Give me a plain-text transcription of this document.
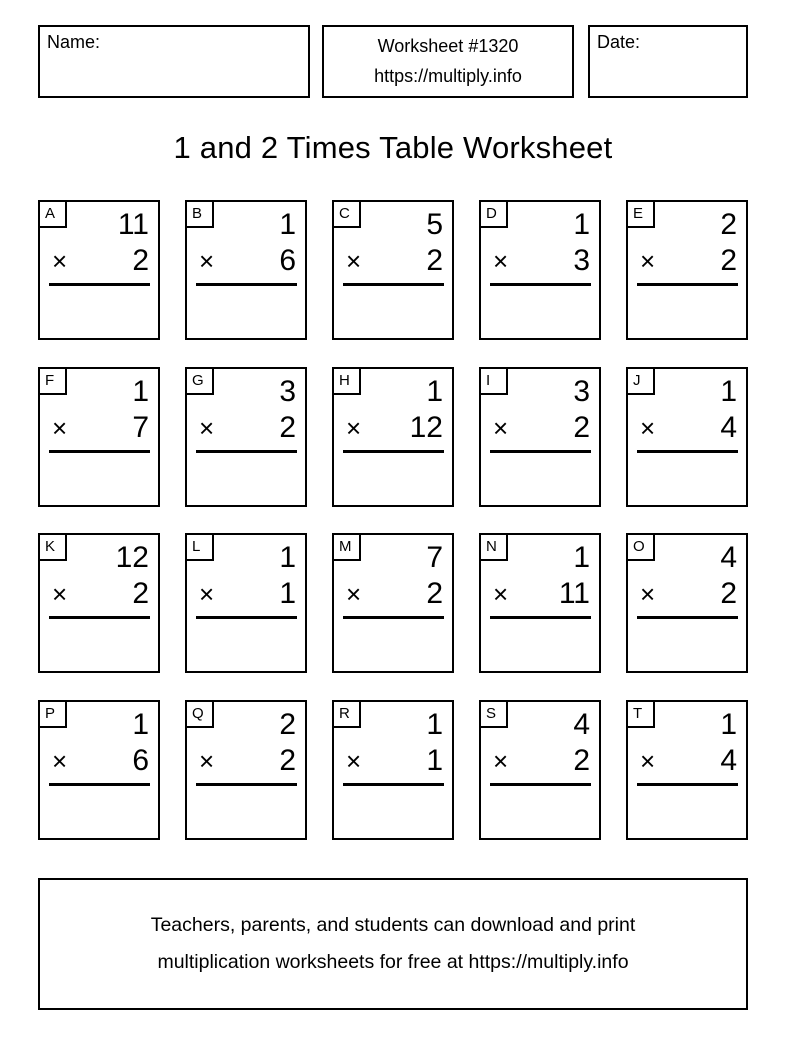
Name:	Worksheet #1320
https://multiply.info
Date:
1 and 2 Times Table Worksheet
A	11
× 2
B	1
× 6
C	5
× 2
D	1
× 3
E	2
× 2
F	1
× 7
G	3
× 2
H	1
× 12
I	3
× 2
J	1
× 4
K	12
× 2
L	1
× 1
M	7
× 2
N	1
× 11
O	4
× 2
P	1
× 6
Q	2
× 2
R	1
× 1
S	4
× 2
T	1
× 4
Teachers, parents, and students can download and print
multiplication worksheets for free at https://multiply.info
